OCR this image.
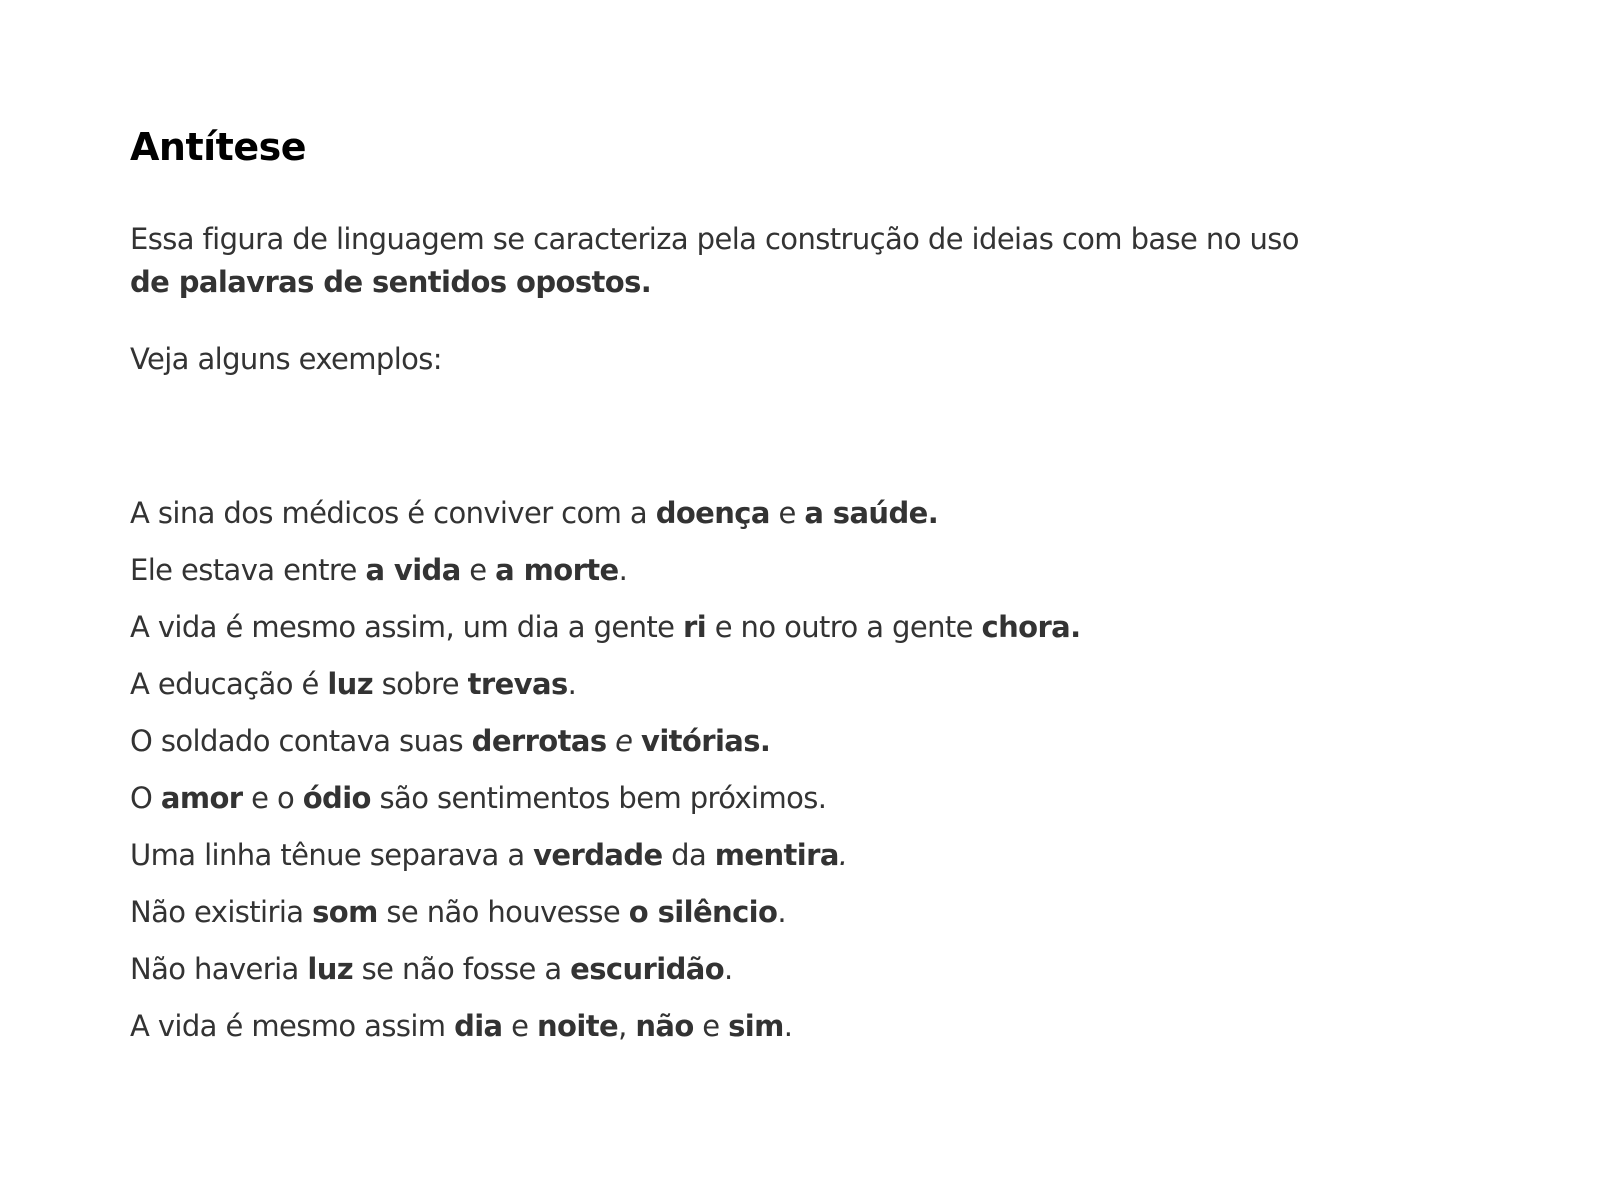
Antítese

Essa figura de linguagem se caracteriza pela construção de ideias com base no uso de palavras de sentidos opostos.

Veja alguns exemplos:

A sina dos médicos é conviver com a doença e a saúde.
Ele estava entre a vida e a morte.
A vida é mesmo assim, um dia a gente ri e no outro a gente chora.
A educação é luz sobre trevas.
O soldado contava suas derrotas e vitórias.
O amor e o ódio são sentimentos bem próximos.
Uma linha tênue separava a verdade da mentira.
Não existiria som se não houvesse o silêncio.
Não haveria luz se não fosse a escuridão.
A vida é mesmo assim dia e noite, não e sim.
